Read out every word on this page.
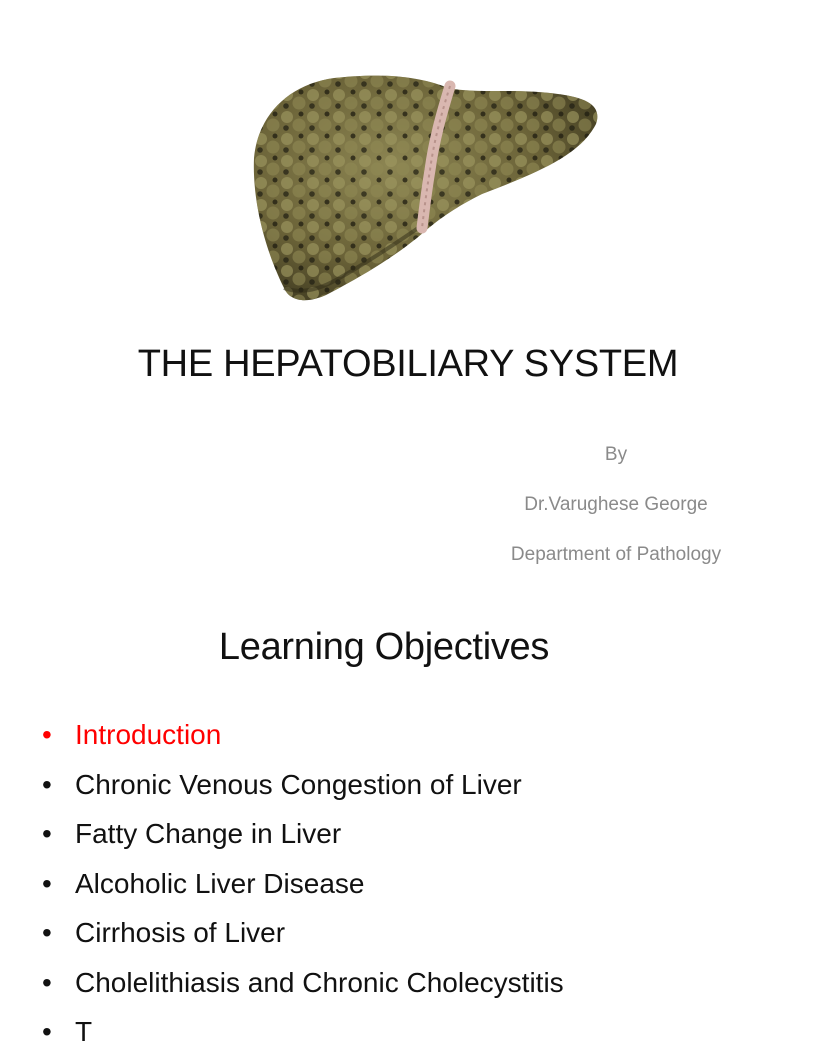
THE HEPATOBILIARY SYSTEM
By
Dr.Varughese George
Department of Pathology
Learning Objectives
• Introduction
• Chronic Venous Congestion of Liver
• Fatty Change in Liver
• Alcoholic Liver Disease
• Cirrhosis of Liver
• Cholelithiasis and Chronic Cholecystitis
• T
